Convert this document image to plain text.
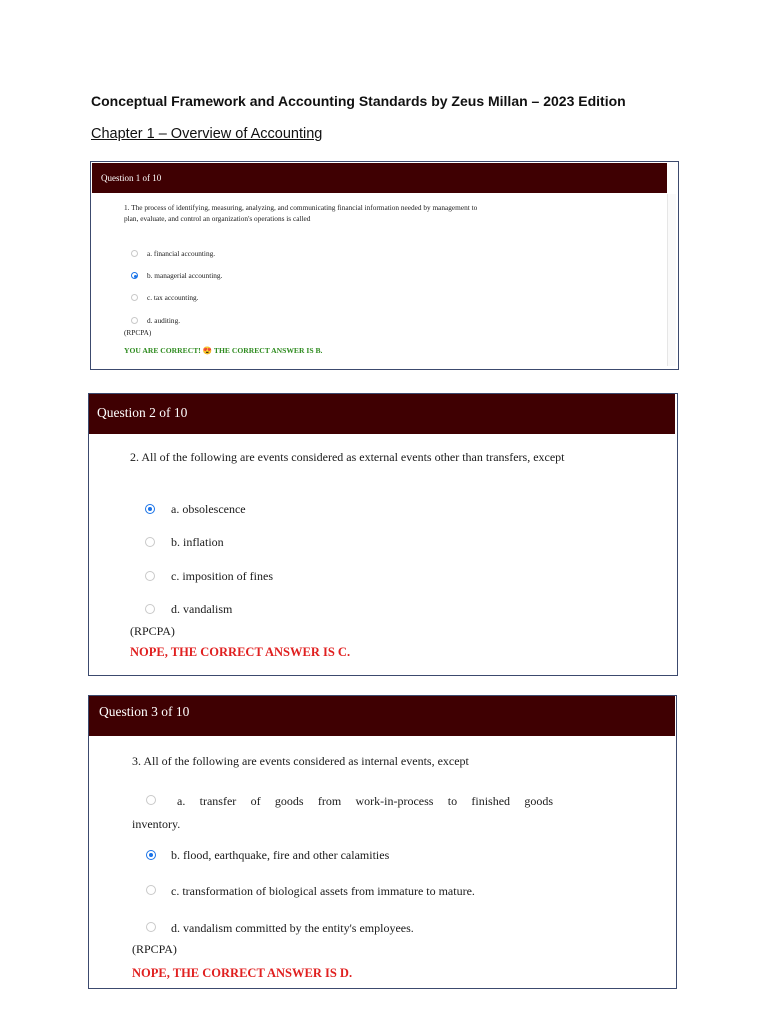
Conceptual Framework and Accounting Standards by Zeus Millan – 2023 Edition
Chapter 1 – Overview of Accounting
Question 1 of 10
1. The process of identifying, measuring, analyzing, and communicating financial information needed by management to plan, evaluate, and control an organization's operations is called
a. financial accounting.
b. managerial accounting.
c. tax accounting.
d. auditing.
(RPCPA)
YOU ARE CORRECT! 😍 THE CORRECT ANSWER IS B.
Question 2 of 10
2. All of the following are events considered as external events other than transfers, except
a. obsolescence
b. inflation
c. imposition of fines
d. vandalism
(RPCPA)
NOPE, THE CORRECT ANSWER IS C.
Question 3 of 10
3. All of the following are events considered as internal events, except
a. transfer of goods from work-in-process to finished goods
inventory.
b. flood, earthquake, fire and other calamities
c. transformation of biological assets from immature to mature.
d. vandalism committed by the entity's employees.
(RPCPA)
NOPE, THE CORRECT ANSWER IS D.
